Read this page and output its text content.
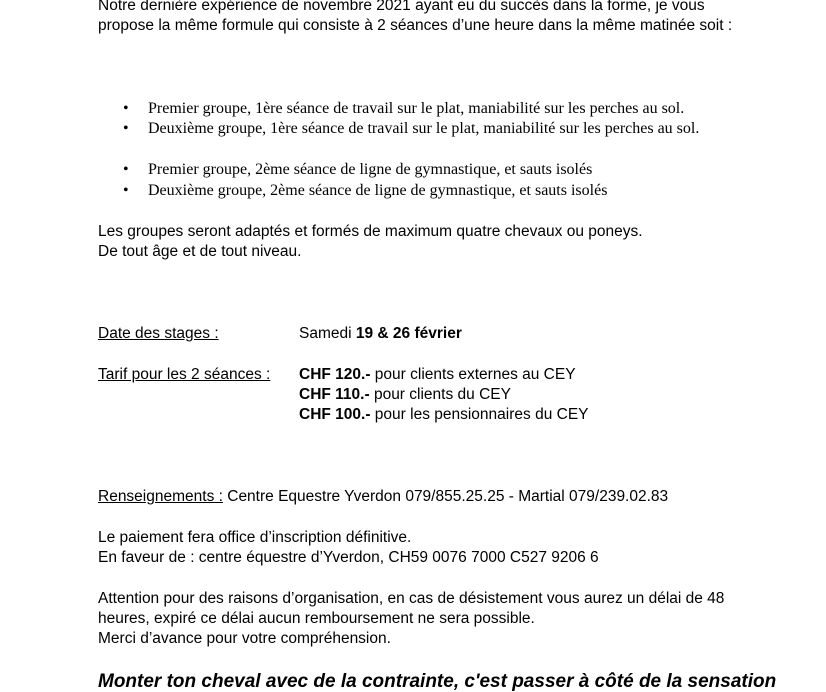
Notre dernière expérience de novembre 2021 ayant eu du succès dans la forme, je vous
propose la même formule qui consiste à 2 séances d’une heure dans la même matinée soit :
• Premier groupe, 1ère séance de travail sur le plat, maniabilité sur les perches au sol.
• Deuxième groupe, 1ère séance de travail sur le plat, maniabilité sur les perches au sol.
• Premier groupe, 2ème séance de ligne de gymnastique, et sauts isolés
• Deuxième groupe, 2ème séance de ligne de gymnastique, et sauts isolés
Les groupes seront adaptés et formés de maximum quatre chevaux ou poneys.
De tout âge et de tout niveau.
Date des stages :	Samedi 19 & 26 février
Tarif pour les 2 séances : CHF 120.- pour clients externes au CEY
CHF 110.- pour clients du CEY
CHF 100.- pour les pensionnaires du CEY
Renseignements : Centre Equestre Yverdon 079/855.25.25 - Martial 079/239.02.83
Le paiement fera office d’inscription définitive.
En faveur de : centre équestre d’Yverdon, CH59 0076 7000 C527 9206 6
Attention pour des raisons d’organisation, en cas de désistement vous aurez un délai de 48
heures, expiré ce délai aucun remboursement ne sera possible.
Merci d’avance pour votre compréhension.
Monter ton cheval avec de la contrainte, c'est passer à côté de la sensation
